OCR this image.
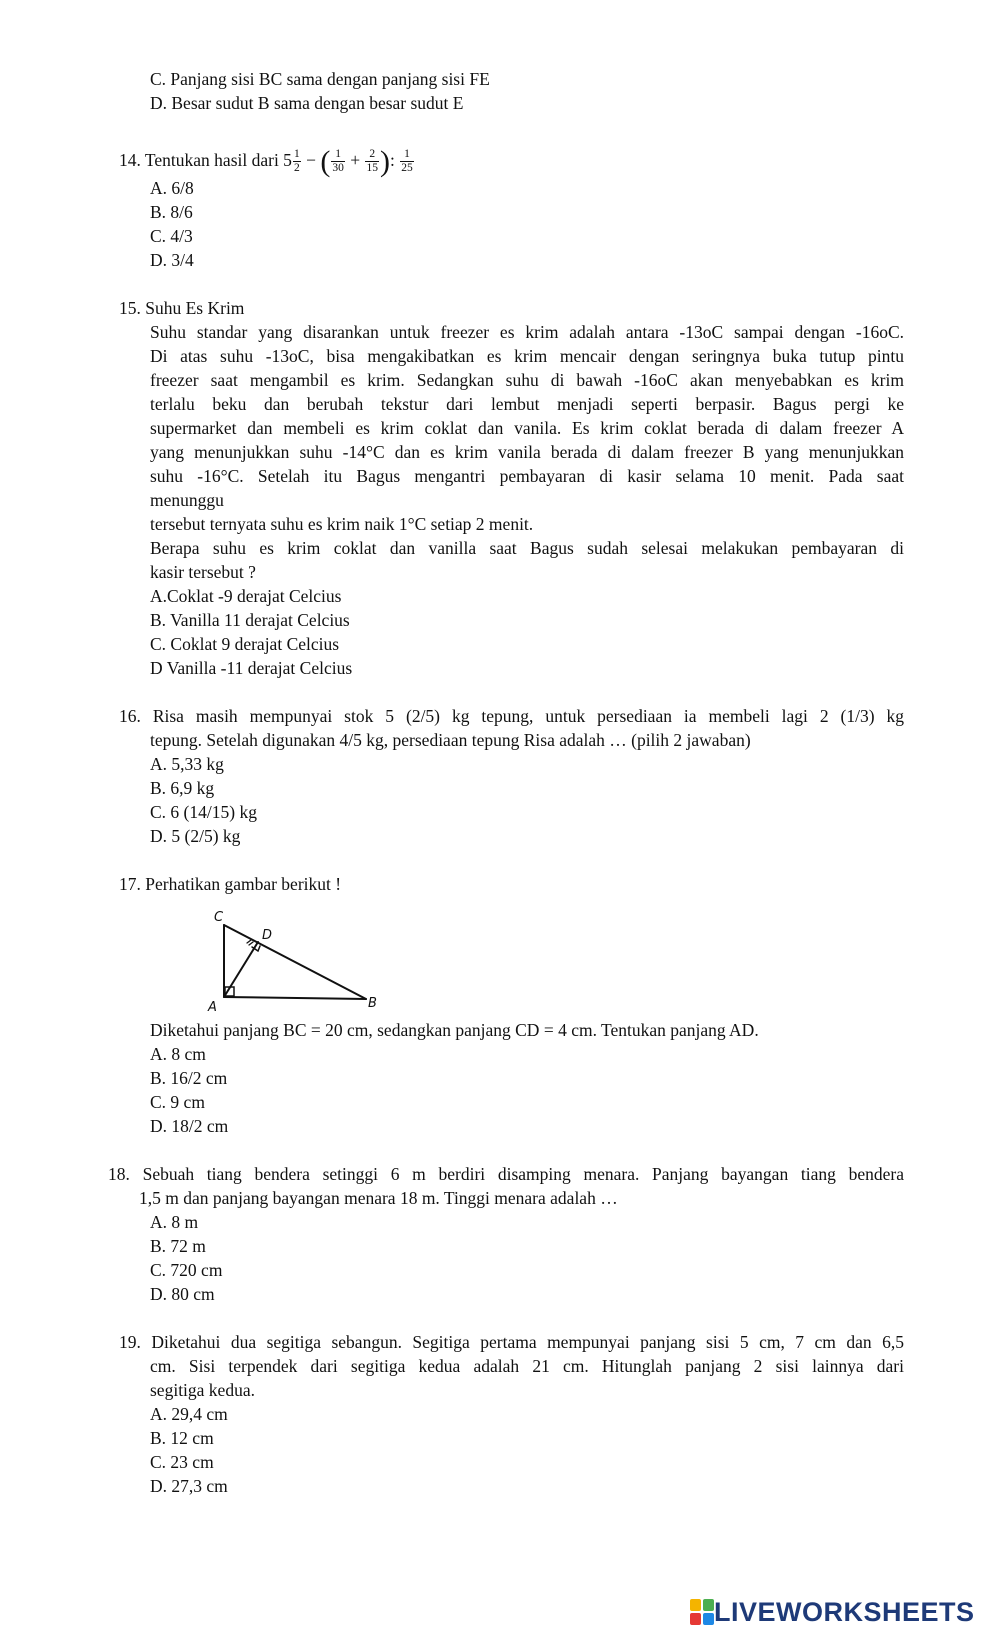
C. Panjang sisi BC sama dengan panjang sisi FE
D. Besar sudut B sama dengan besar sudut E
14. Tentukan hasil dari $5 \frac{1}{2}$ − ( $\frac{1}{30} + \frac{2}{15}$ ): $\frac{1}{25}$
A. 6/8
B. 8/6
C. 4/3
D. 3/4
15. Suhu Es Krim
Suhu standar yang disarankan untuk freezer es krim adalah antara -13oC sampai dengan -16oC.
Di atas suhu -13oC, bisa mengakibatkan es krim mencair dengan seringnya buka tutup pintu
freezer saat mengambil es krim. Sedangkan suhu di bawah -16oC akan menyebabkan es krim
terlalu beku dan berubah tekstur dari lembut menjadi seperti berpasir. Bagus pergi ke
supermarket dan membeli es krim coklat dan vanila. Es krim coklat berada di dalam freezer A
yang menunjukkan suhu -14°C dan es krim vanila berada di dalam freezer B yang menunjukkan
suhu -16°C. Setelah itu Bagus mengantri pembayaran di kasir selama 10 menit. Pada saat
menunggu
tersebut ternyata suhu es krim naik 1°C setiap 2 menit.
Berapa suhu es krim coklat dan vanilla saat Bagus sudah selesai melakukan pembayaran di
kasir tersebut ?
A.Coklat -9 derajat Celcius
B. Vanilla 11 derajat Celcius
C. Coklat 9 derajat Celcius
D Vanilla -11 derajat Celcius
16. Risa masih mempunyai stok 5 (2/5) kg tepung, untuk persediaan ia membeli lagi 2 (1/3) kg
tepung. Setelah digunakan 4/5 kg, persediaan tepung Risa adalah … (pilih 2 jawaban)
A. 5,33 kg
B. 6,9 kg
C. 6 (14/15) kg
D. 5 (2/5) kg
17. Perhatikan gambar berikut !
C
D
A	B
Diketahui panjang BC = 20 cm, sedangkan panjang CD = 4 cm. Tentukan panjang AD.
A. 8 cm
B. 16/2 cm
C. 9 cm
D. 18/2 cm
18. Sebuah tiang bendera setinggi 6 m berdiri disamping menara. Panjang bayangan tiang bendera
1,5 m dan panjang bayangan menara 18 m. Tinggi menara adalah …
A. 8 m
B. 72 m
C. 720 cm
D. 80 cm
19. Diketahui dua segitiga sebangun. Segitiga pertama mempunyai panjang sisi 5 cm, 7 cm dan 6,5
cm. Sisi terpendek dari segitiga kedua adalah 21 cm. Hitunglah panjang 2 sisi lainnya dari
segitiga kedua.
A. 29,4 cm
B. 12 cm
C. 23 cm
D. 27,3 cm
LIVEWORKSHEETS
